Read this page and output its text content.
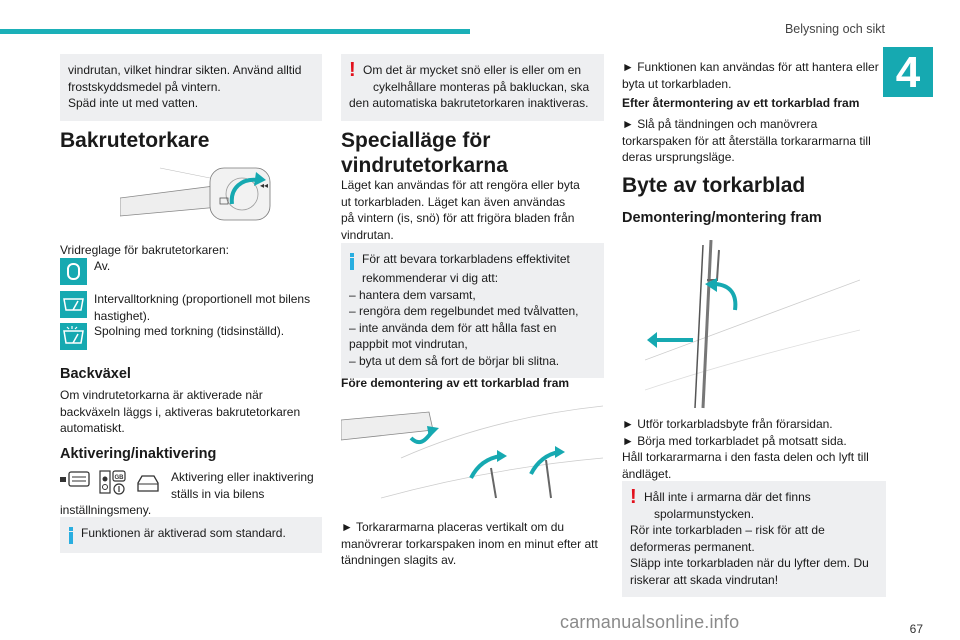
Belysning och sikt
4
vindrutan, vilket hindrar sikten. Använd alltid
frostskyddsmedel på vintern.
Späd inte ut med vatten.
Bakrutetorkare
◂◂

Vridreglage för bakrutetorkaren:

Av.

Intervalltorkning (proportionell mot bilens
hastighet).

Spolning med torkning (tidsinställd).

Backväxel

Om vindrutetorkarna är aktiverade när
backväxeln läggs i, aktiveras bakrutetorkaren
automatiskt.

Aktivering/inaktivering
GB	Aktivering eller inaktivering
ställs in via bilens

inställningsmeny.

Funktionen är aktiverad som standard.
! Om det är mycket snö eller is eller om en
cykelhållare monteras på bakluckan, ska
den automatiska bakrutetorkaren inaktiveras.
Specialläge för
vindrutetorkarna

Läget kan användas för att rengöra eller byta
ut torkarbladen. Läget kan även användas
på vintern (is, snö) för att frigöra bladen från
vindrutan.

För att bevara torkarbladens effektivitet
rekommenderar vi dig att:
– hantera dem varsamt,
– rengöra dem regelbundet med tvålvatten,
– inte använda dem för att hålla fast en
pappbit mot vindrutan,
– byta ut dem så fort de börjar bli slitna.
Före demontering av ett torkarblad fram

► Torkararmarna placeras vertikalt om du
manövrerar torkarspaken inom en minut efter att
tändningen slagits av.

► Funktionen kan användas för att hantera eller
byta ut torkarbladen.

Efter återmontering av ett torkarblad fram

► Slå på tändningen och manövrera
torkarspaken för att återställa torkararmarna till
deras ursprungsläge.

Byte av torkarblad
Demontering/montering fram

► Utför torkarbladsbyte från förarsidan.
► Börja med torkarbladet på motsatt sida.
Håll torkararmarna i den fasta delen och lyft till
ändläget.

! Håll inte i armarna där det finns
spolarmunstycken.
Rör inte torkarbladen – risk för att de
deformeras permanent.
Släpp inte torkarbladen när du lyfter dem. Du
riskerar att skada vindrutan!
carmanualsonline.info	67
